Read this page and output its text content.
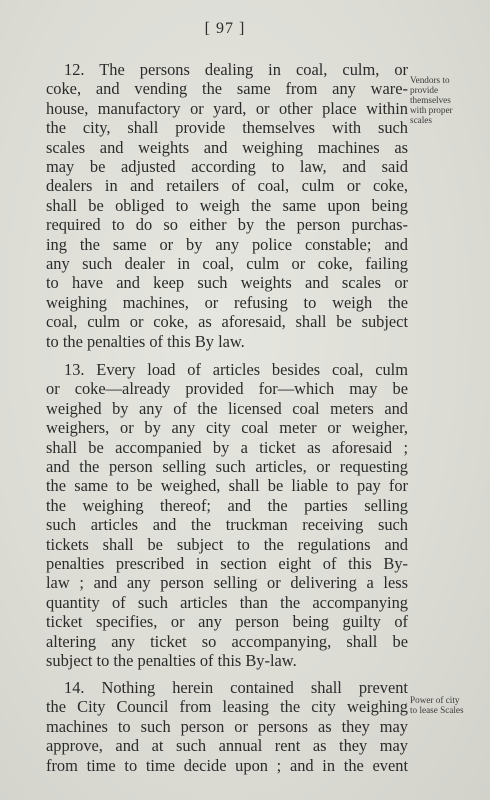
[ 97 ]

12. The persons dealing in coal, culm, or
coke, and vending the same from any ware-
house, manufactory or yard, or other place within
the city, shall provide themselves with such
scales and weights and weighing machines as
may be adjusted according to law, and said
dealers in and retailers of coal, culm or coke,
shall be obliged to weigh the same upon being
required to do so either by the person purchas-
ing the same or by any police constable; and
any such dealer in coal, culm or coke, failing
to have and keep such weights and scales or
weighing machines, or refusing to weigh the
coal, culm or coke, as aforesaid, shall be subject
to the penalties of this By law.

Vendors to
provide
themselves
with proper
scales

13. Every load of articles besides coal, culm
or coke—already provided for—which may be
weighed by any of the licensed coal meters and
weighers, or by any city coal meter or weigher,
shall be accompanied by a ticket as aforesaid ;
and the person selling such articles, or requesting
the same to be weighed, shall be liable to pay for
the weighing thereof; and the parties selling
such articles and the truckman receiving such
tickets shall be subject to the regulations and
penalties prescribed in section eight of this By-
law ; and any person selling or delivering a less
quantity of such articles than the accompanying
ticket specifies, or any person being guilty of
altering any ticket so accompanying, shall be
subject to the penalties of this By-law.

14. Nothing herein contained shall prevent
the City Council from leasing the city weighing
machines to such person or persons as they may
approve, and at such annual rent as they may
from time to time decide upon ; and in the event

Power of city
to lease Scales
